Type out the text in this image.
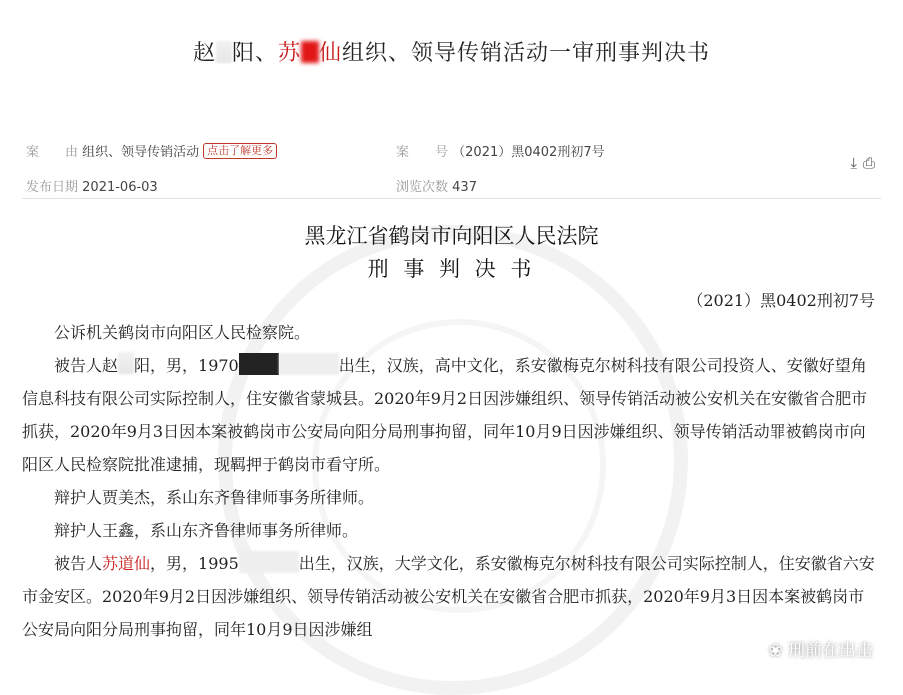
赵 阳、苏 仙组织、领导传销活动一审刑事判决书
案　　由 组织、领导传销活动 点击了解更多	案　　号 （2021）黑0402刑初7号
发布日期 2021-06-03	浏览次数 437
⤓ ⎙
黑龙江省鹤岗市向阳区人民法院
刑 事 判 决 书
（2021）黑0402刑初7号

公诉机关鹤岗市向阳区人民检察院。

被告人赵 阳，男，1970	出生，汉族，高中文化，系安徽梅克尔树科技有限公司投资人、安徽好望角信息科技有限公司实际控制人，住安徽省蒙城县。2020年9月2日因涉嫌组织、领导传销活动被公安机关在安徽省合肥市抓获，2020年9月3日因本案被鹤岗市公安局向阳分局刑事拘留，同年10月9日因涉嫌组织、领导传销活动罪被鹤岗市向阳区人民检察院批准逮捕，现羁押于鹤岗市看守所。

辩护人贾美杰，系山东齐鲁律师事务所律师。

辩护人王鑫，系山东齐鲁律师事务所律师。

被告人苏道仙，男，1995	出生，汉族，大学文化，系安徽梅克尔树科技有限公司实际控制人，住安徽省六安市金安区。2020年9月2日因涉嫌组织、领导传销活动被公安机关在安徽省合肥市抓获，2020年9月3日因本案被鹤岗市公安局向阳分局刑事拘留，同年10月9日因涉嫌组

❀ 刑前在出击
